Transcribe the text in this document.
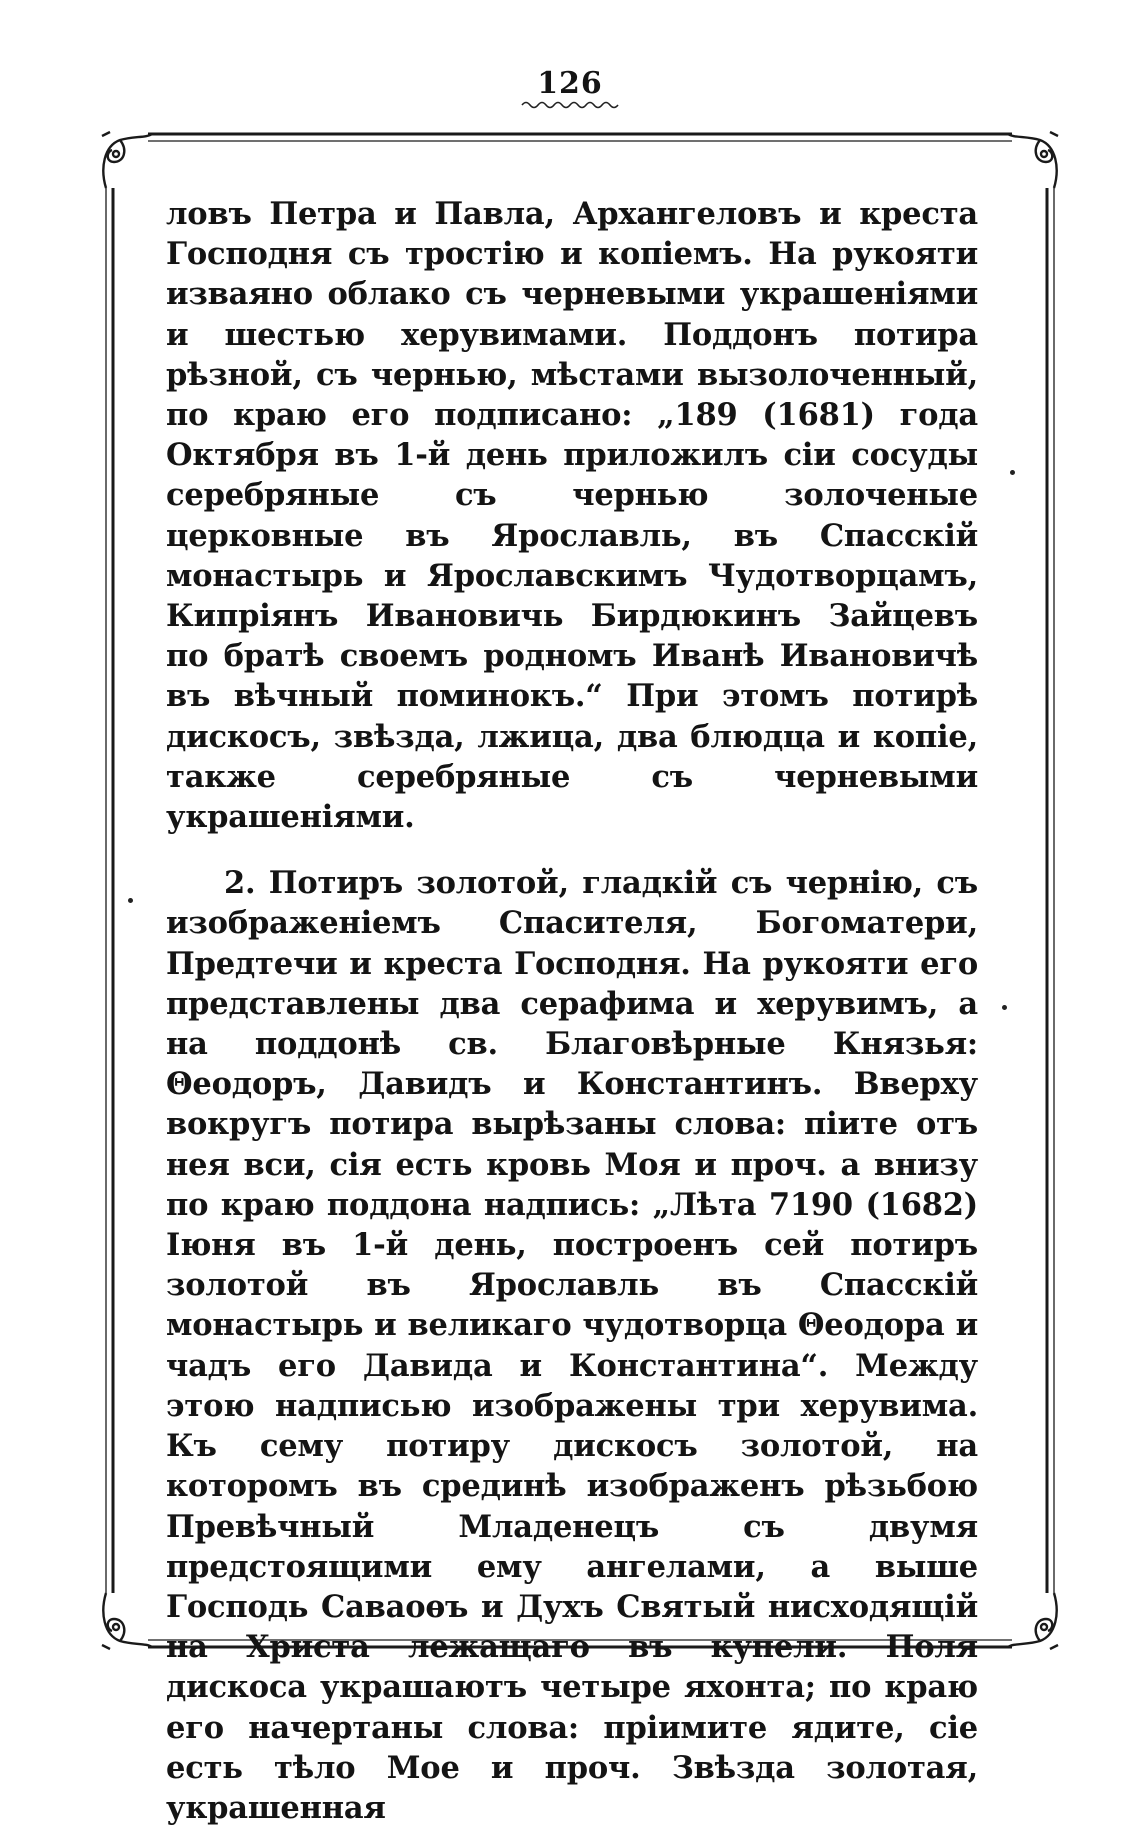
126

ловъ Петра и Павла, Архангеловъ и креста Господня съ тростію и копіемъ. На рукояти изваяно облако съ черневыми украшеніями и шестью херувимами. Поддонъ потира рѣзной, съ чернью, мѣстами вызолоченный, по краю его подписано: „189 (1681) года Октября въ 1-й день приложилъ сіи сосуды серебряные съ чернью золоченые церковные въ Ярославль, въ Спасскій монастырь и Ярославскимъ Чудотворцамъ, Кипріянъ Ивановичь Бирдюкинъ Зайцевъ по братѣ своемъ родномъ Иванѣ Ивановичѣ въ вѣчный поминокъ.“ При этомъ потирѣ дискосъ, звѣзда, лжица, два блюдца и копіе, также серебряные съ черневыми украшеніями.

2. Потиръ золотой, гладкій съ чернію, съ изображеніемъ Спасителя, Богоматери, Предтечи и креста Господня. На рукояти его представлены два серафима и херувимъ, а на поддонѣ св. Благовѣрные Князья: Θеодоръ, Давидъ и Константинъ. Вверху вокругъ потира вырѣзаны слова: піите отъ нея вси, сія есть кровь Моя и проч. а внизу по краю поддона надпись: „Лѣта 7190 (1682) Іюня въ 1-й день, построенъ сей потиръ золотой въ Ярославль въ Спасскій монастырь и великаго чудотворца Θеодора и чадъ его Давида и Константина“. Между этою надписью изображены три херувима. Къ сему потиру дискосъ золотой, на которомъ въ срединѣ изображенъ рѣзьбою Превѣчный Младенецъ съ двумя предстоящими ему ангелами, а выше Господь Саваоѳъ и Духъ Святый нисходящій на Христа лежащаго въ купели. Поля дискоса украшаютъ четыре яхонта; по краю его начертаны слова: пріимите ядите, сіе есть тѣло Мое и проч. Звѣзда золотая, украшенная
